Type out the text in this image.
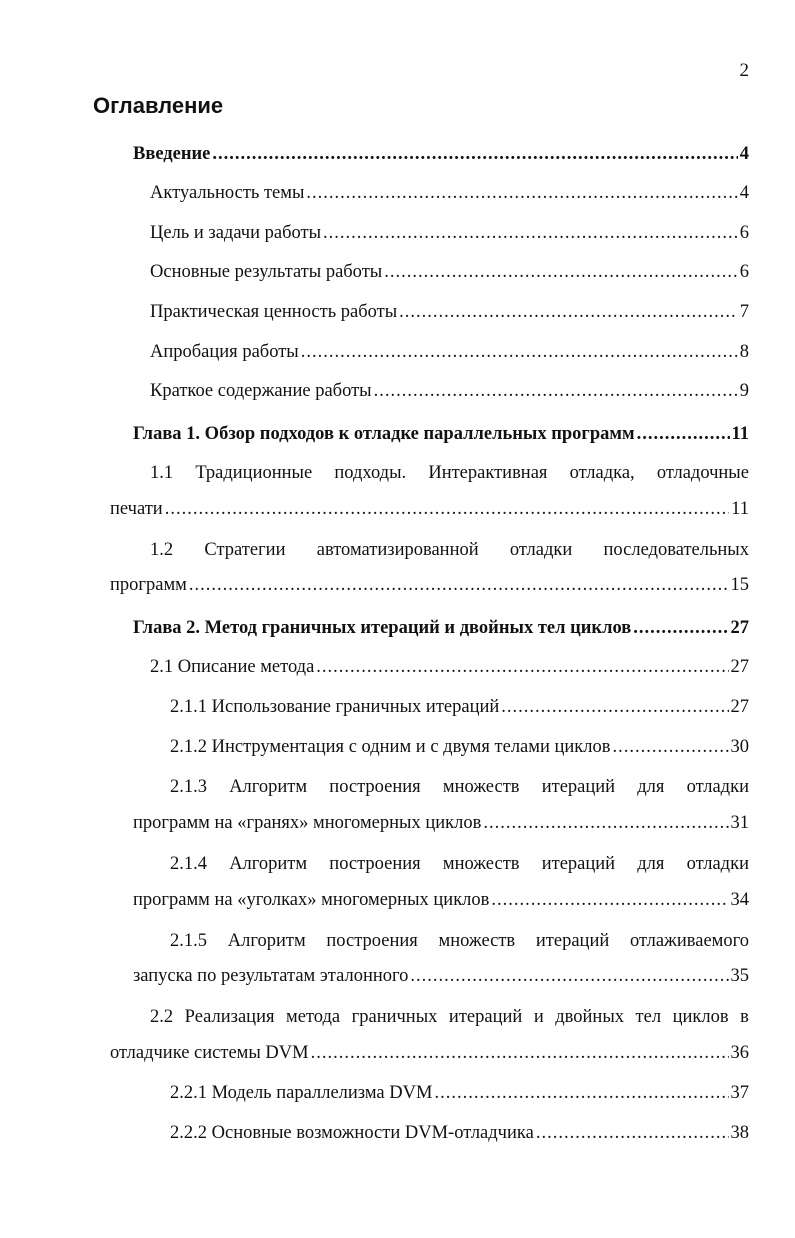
2
Оглавление
Введение .....	4
Актуальность темы .....	4
Цель и задачи работы .....	6
Основные результаты работы .....	6
Практическая ценность работы .....	7
Апробация работы .....	8
Краткое содержание работы .....	9
Глава 1. Обзор подходов к отладке параллельных программ .....	11
1.1 Традиционные подходы. Интерактивная отладка, отладочные
печати .....	11
1.2 Стратегии автоматизированной отладки последовательных
программ .....	15
Глава 2. Метод граничных итераций и двойных тел циклов .....	27
2.1 Описание метода .....	27
2.1.1 Использование граничных итераций .....	27
2.1.2 Инструментация с одним и с двумя телами циклов .....	30
2.1.3 Алгоритм построения множеств итераций для отладки
программ на «гранях» многомерных циклов .....	31
2.1.4 Алгоритм построения множеств итераций для отладки
программ на «уголках» многомерных циклов .....	34
2.1.5 Алгоритм построения множеств итераций отлаживаемого
запуска по результатам эталонного .....	35
2.2 Реализация метода граничных итераций и двойных тел циклов в
отладчике системы DVM .....	36
2.2.1 Модель параллелизма DVM .....	37
2.2.2 Основные возможности DVM-отладчика .....	38
